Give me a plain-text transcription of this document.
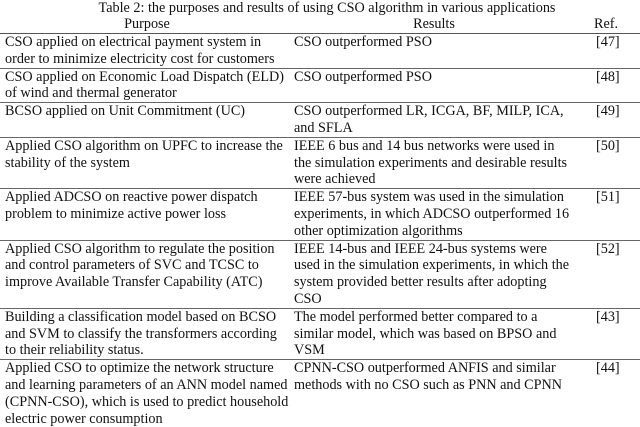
Table 2: the purposes and results of using CSO algorithm in various applications
Purpose	Results	Ref.
CSO applied on electrical payment system in order to minimize electricity cost for customers	CSO outperformed PSO	[47]
CSO applied on Economic Load Dispatch (ELD) of wind and thermal generator	CSO outperformed PSO	[48]
BCSO applied on Unit Commitment (UC)	CSO outperformed LR, ICGA, BF, MILP, ICA, and SFLA	[49]
Applied CSO algorithm on UPFC to increase the stability of the system	IEEE 6 bus and 14 bus networks were used in the simulation experiments and desirable results were achieved	[50]
Applied ADCSO on reactive power dispatch problem to minimize active power loss	IEEE 57-bus system was used in the simulation experiments, in which ADCSO outperformed 16 other optimization algorithms	[51]
Applied CSO algorithm to regulate the position and control parameters of SVC and TCSC to improve Available Transfer Capability (ATC)	IEEE 14-bus and IEEE 24-bus systems were used in the simulation experiments, in which the system provided better results after adopting CSO	[52]
Building a classification model based on BCSO and SVM to classify the transformers according to their reliability status.	The model performed better compared to a similar model, which was based on BPSO and VSM	[43]
Applied CSO to optimize the network structure and learning parameters of an ANN model named (CPNN-CSO), which is used to predict household electric power consumption	CPNN-CSO outperformed ANFIS and similar methods with no CSO such as PNN and CPNN	[44]
